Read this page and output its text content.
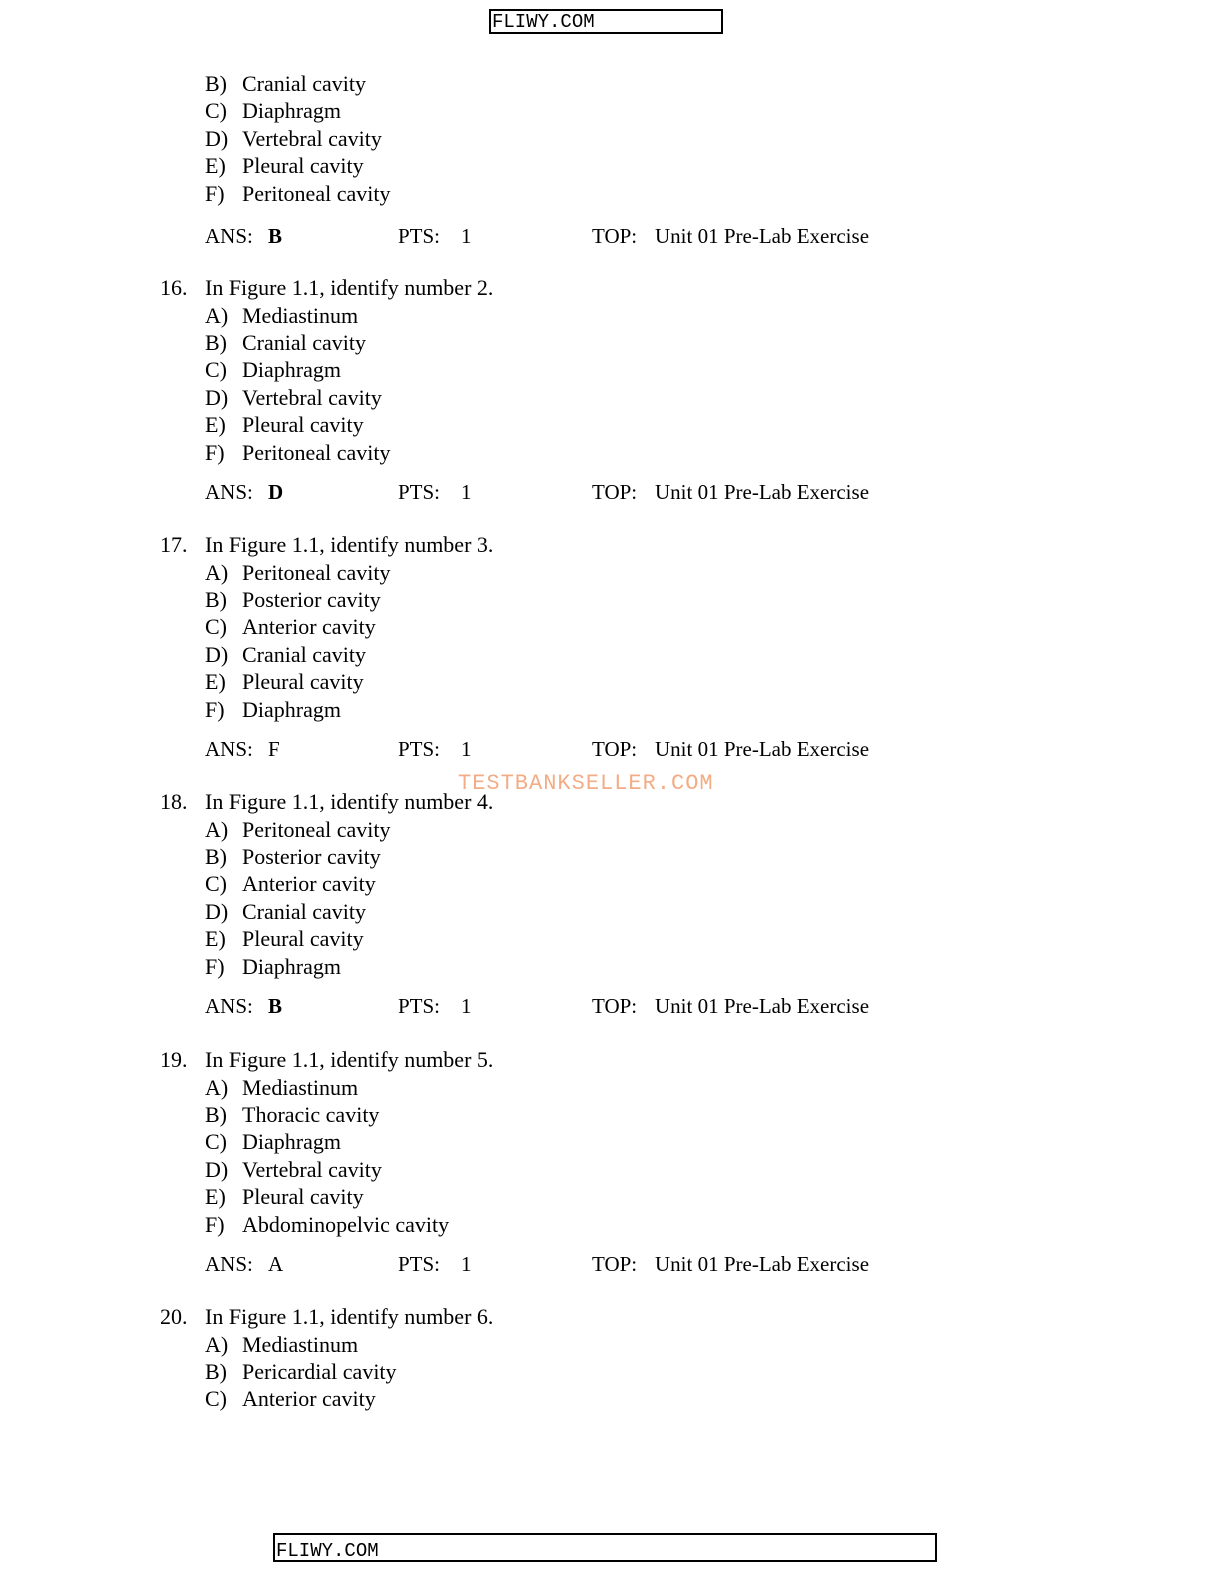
FLIWY.COM
B) Cranial cavity
C) Diaphragm
D) Vertebral cavity
E) Pleural cavity
F) Peritoneal cavity
ANS: B	PTS: 1	TOP: Unit 01 Pre-Lab Exercise
16. In Figure 1.1, identify number 2.
A) Mediastinum
B) Cranial cavity
C) Diaphragm
D) Vertebral cavity
E) Pleural cavity
F) Peritoneal cavity
ANS: D	PTS: 1	TOP: Unit 01 Pre-Lab Exercise
17. In Figure 1.1, identify number 3.
A) Peritoneal cavity
B) Posterior cavity
C) Anterior cavity
D) Cranial cavity
E) Pleural cavity
F) Diaphragm
ANS: F	PTS: 1	TOP: Unit 01 Pre-Lab Exercise
18. In Figure 1.1, identify number 4.
A) Peritoneal cavity
B) Posterior cavity
C) Anterior cavity
D) Cranial cavity
E) Pleural cavity
F) Diaphragm
ANS: B	PTS: 1	TOP: Unit 01 Pre-Lab Exercise
19. In Figure 1.1, identify number 5.
A) Mediastinum
B) Thoracic cavity
C) Diaphragm
D) Vertebral cavity
E) Pleural cavity
F) Abdominopelvic cavity
ANS: A	PTS: 1	TOP: Unit 01 Pre-Lab Exercise
20. In Figure 1.1, identify number 6.
A) Mediastinum
B) Pericardial cavity
C) Anterior cavity
TESTBANKSELLER.COM
FLIWY.COM
